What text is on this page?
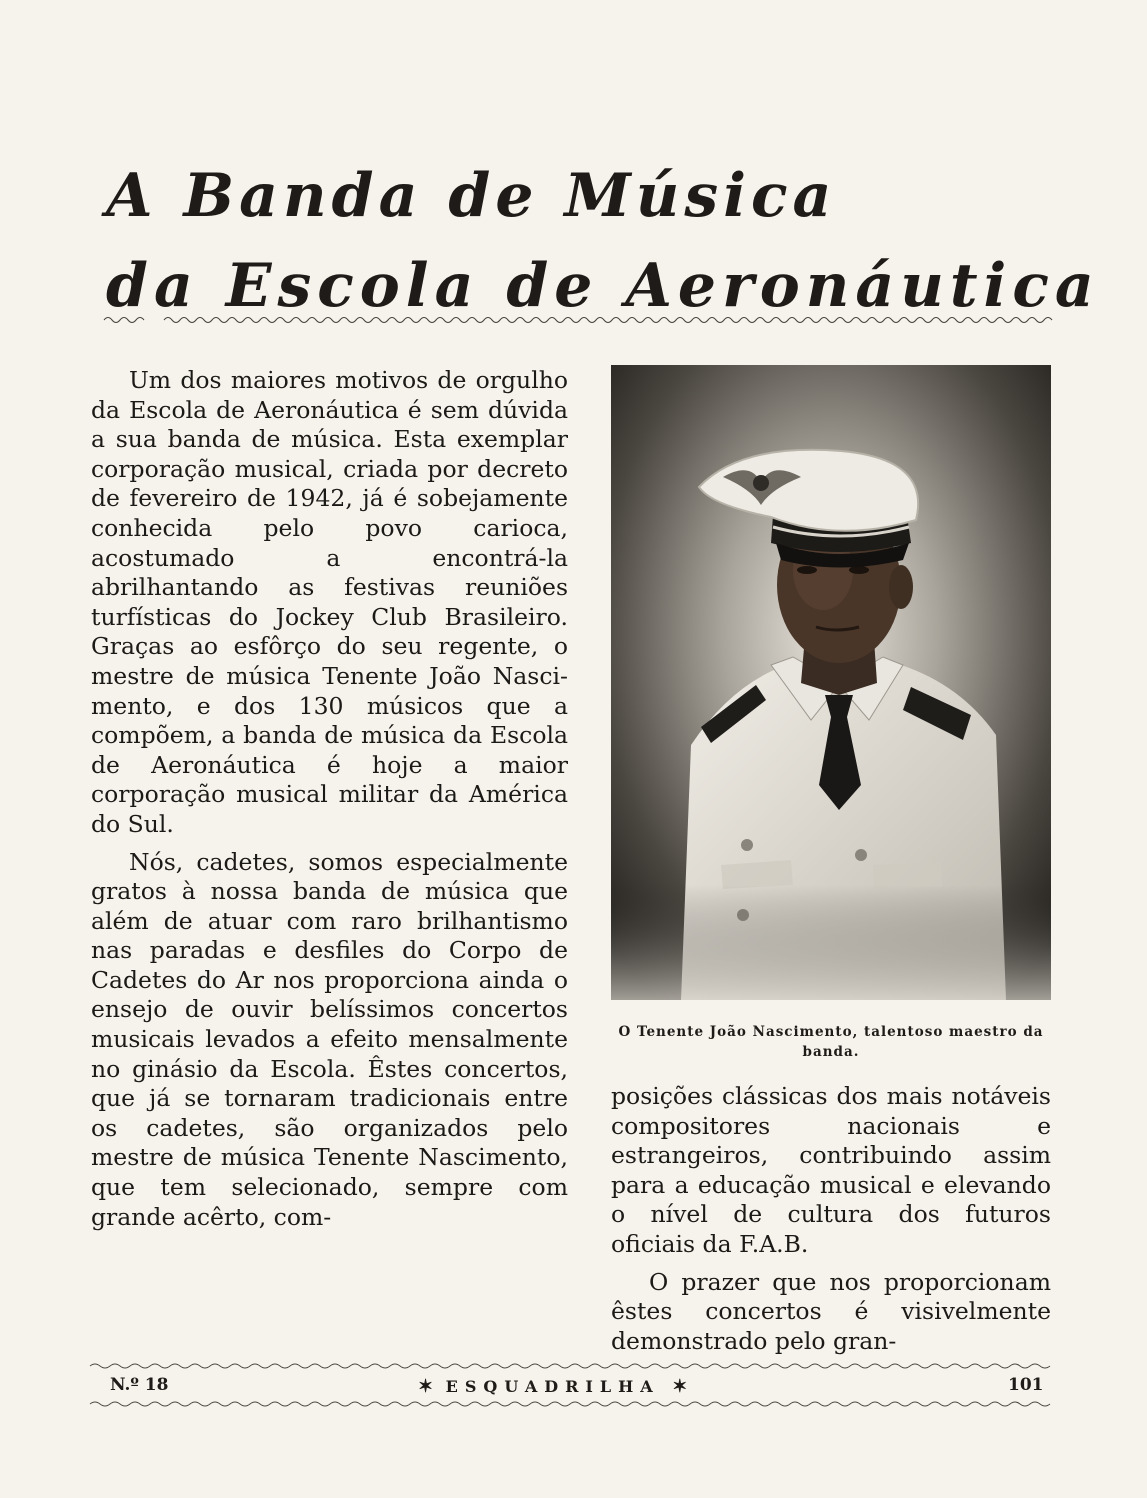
A Banda de Música
da Escola de Aeronáutica

Um dos maiores motivos de orgulho da Escola de Aeronáutica é sem dúvida a sua banda de música. Esta exemplar corporação musical, criada por decreto de fevereiro de 1942, já é sobejamente conhecida pelo povo carioca, acostumado a encontrá-la abrilhantando as festivas reuniões turfísticas do Jockey Club Brasileiro. Graças ao esfôrço do seu regente, o mestre de música Tenente João Nascimento, e dos 130 músicos que a compõem, a banda de música da Escola de Aeronáutica é hoje a maior corporação musical militar da América do Sul.

Nós, cadetes, somos especialmente gratos à nossa banda de música que além de atuar com raro brilhantismo nas paradas e desfiles do Corpo de Cadetes do Ar nos proporciona ainda o ensejo de ouvir belíssimos concertos musicais levados a efeito mensalmente no ginásio da Escola. Êstes concertos, que já se tornaram tradicionais entre os cadetes, são organizados pelo mestre de música Tenente Nascimento, que tem selecionado, sempre com grande acêrto, com-

O Tenente João Nascimento, talentoso maestro da banda.

posições clássicas dos mais notáveis compositores nacionais e estrangeiros, contribuindo assim para a educação musical e elevando o nível de cultura dos futuros oficiais da F.A.B.

O prazer que nos proporcionam êstes concertos é visivelmente demonstrado pelo gran-

N.º 18	✶ ESQUADRILHA ✶	101
